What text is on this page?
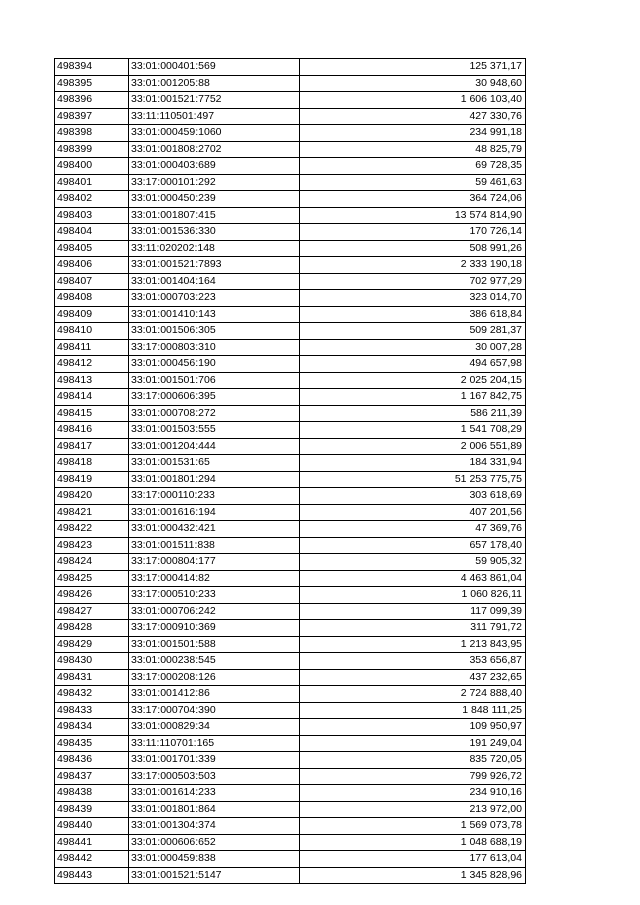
498394	33:01:000401:569	125 371,17
498395	33:01:001205:88	30 948,60
498396	33:01:001521:7752	1 606 103,40
498397	33:11:110501:497	427 330,76
498398	33:01:000459:1060	234 991,18
498399	33:01:001808:2702	48 825,79
498400	33:01:000403:689	69 728,35
498401	33:17:000101:292	59 461,63
498402	33:01:000450:239	364 724,06
498403	33:01:001807:415	13 574 814,90
498404	33:01:001536:330	170 726,14
498405	33:11:020202:148	508 991,26
498406	33:01:001521:7893	2 333 190,18
498407	33:01:001404:164	702 977,29
498408	33:01:000703:223	323 014,70
498409	33:01:001410:143	386 618,84
498410	33:01:001506:305	509 281,37
498411	33:17:000803:310	30 007,28
498412	33:01:000456:190	494 657,98
498413	33:01:001501:706	2 025 204,15
498414	33:17:000606:395	1 167 842,75
498415	33:01:000708:272	586 211,39
498416	33:01:001503:555	1 541 708,29
498417	33:01:001204:444	2 006 551,89
498418	33:01:001531:65	184 331,94
498419	33:01:001801:294	51 253 775,75
498420	33:17:000110:233	303 618,69
498421	33:01:001616:194	407 201,56
498422	33:01:000432:421	47 369,76
498423	33:01:001511:838	657 178,40
498424	33:17:000804:177	59 905,32
498425	33:17:000414:82	4 463 861,04
498426	33:17:000510:233	1 060 826,11
498427	33:01:000706:242	117 099,39
498428	33:17:000910:369	311 791,72
498429	33:01:001501:588	1 213 843,95
498430	33:01:000238:545	353 656,87
498431	33:17:000208:126	437 232,65
498432	33:01:001412:86	2 724 888,40
498433	33:17:000704:390	1 848 111,25
498434	33:01:000829:34	109 950,97
498435	33:11:110701:165	191 249,04
498436	33:01:001701:339	835 720,05
498437	33:17:000503:503	799 926,72
498438	33:01:001614:233	234 910,16
498439	33:01:001801:864	213 972,00
498440	33:01:001304:374	1 569 073,78
498441	33:01:000606:652	1 048 688,19
498442	33:01:000459:838	177 613,04
498443	33:01:001521:5147	1 345 828,96
